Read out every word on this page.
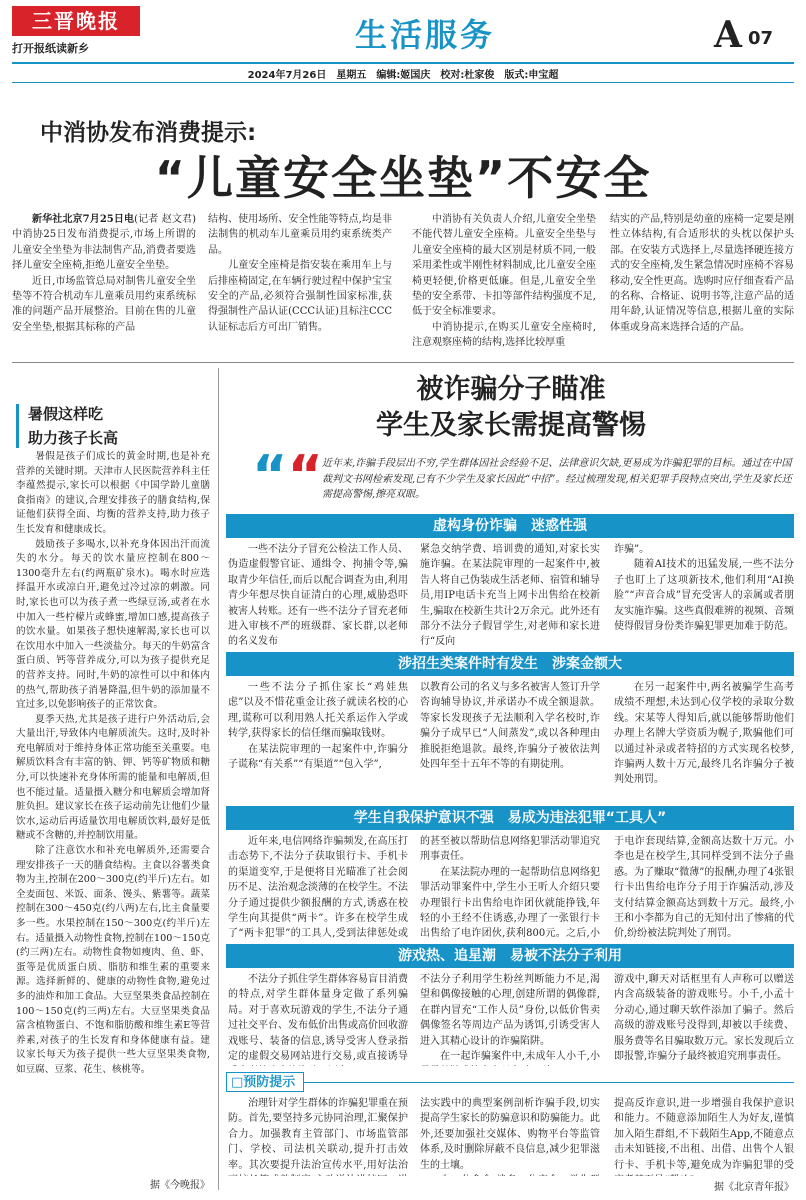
三晋晚报
打开报纸读新乡	生活服务	A 07
2024年7月26日　星期五　编辑:姬国庆　校对:杜家俊　版式:申宝超
中消协发布消费提示:
“儿童安全坐垫”不安全

新华社北京7月25日电(记者 赵文君)中消协25日发布消费提示,市场上所谓的儿童安全坐垫为非法制售产品,消费者要选择儿童安全座椅,拒绝儿童安全坐垫。

近日,市场监管总局对制售儿童安全坐垫等不符合机动车儿童乘员用约束系统标准的问题产品开展整治。目前在售的儿童安全坐垫,根据其标称的产品

结构、使用场所、安全性能等特点,均是非法制售的机动车儿童乘员用约束系统类产品。

儿童安全座椅是指安装在乘用车上与后排座椅固定,在车辆行驶过程中保护宝宝安全的产品,必须符合强制性国家标准,获得强制性产品认证(CCC认证)且标注CCC认证标志后方可出厂销售。

中消协有关负责人介绍,儿童安全坐垫不能代替儿童安全座椅。儿童安全坐垫与儿童安全座椅的最大区别是材质不同,一般采用柔性或半刚性材料制成,比儿童安全座椅更轻便,价格更低廉。但是,儿童安全坐垫的安全系带、卡扣等部件结构强度不足,低于安全标准要求。

中消协提示,在购买儿童安全座椅时,注意观察座椅的结构,选择比较厚重

结实的产品,特别是幼童的座椅一定要是刚性立体结构,有合适形状的头枕以保护头部。在安装方式选择上,尽量选择硬连接方式的安全座椅,发生紧急情况时座椅不容易移动,安全性更高。选购时应仔细查看产品的名称、合格证、说明书等,注意产品的适用年龄,认证情况等信息,根据儿童的实际体重或身高来选择合适的产品。

暑假这样吃
助力孩子长高

暑假是孩子们成长的黄金时期,也是补充营养的关键时期。天津市人民医院营养科主任李蕴然提示,家长可以根据《中国学龄儿童膳食指南》的建议,合理安排孩子的膳食结构,保证他们获得全面、均衡的营养支持,助力孩子生长发育和健康成长。

鼓励孩子多喝水,以补充身体因出汗而流失的水分。每天的饮水量应控制在800～1300毫升左右(约两瓶矿泉水)。喝水时应选择温开水或凉白开,避免过冷过凉的刺激。同时,家长也可以为孩子煮一些绿豆汤,或者在水中加入一些柠檬片或蜂蜜,增加口感,提高孩子的饮水量。如果孩子想快速解渴,家长也可以在饮用水中加入一些淡盐分。每天的牛奶富含蛋白质、钙等营养成分,可以为孩子提供充足的营养支持。同时,牛奶的凉性可以中和体内的热气,帮助孩子消暑降温,但牛奶的添加量不宜过多,以免影响孩子的正常饮食。

夏季天热,尤其是孩子进行户外活动后,会大量出汗,导致体内电解质流失。这时,及时补充电解质对于维持身体正常功能至关重要。电解质饮料含有丰富的钠、钾、钙等矿物质和糖分,可以快速补充身体所需的能量和电解质,但也不能过量。适量摄入糖分和电解质会增加肾脏负担。建议家长在孩子运动前先让他们少量饮水,运动后再适量饮用电解质饮料,最好是低糖或不含糖的,并控制饮用量。

除了注意饮水和补充电解质外,还需要合理安排孩子一天的膳食结构。主食以谷薯类食物为主,控制在200～300克(约半斤)左右。如全麦面包、米饭、面条、馒头、紫薯等。蔬菜控制在300～450克(约八两)左右,比主食量要多一些。水果控制在150～300克(约半斤)左右。适量摄入动物性食物,控制在100～150克(约三两)左右。动物性食物如瘦肉、鱼、虾、蛋等是优质蛋白质、脂肪和维生素的重要来源。选择新鲜的、健康的动物性食物,避免过多的油炸和加工食品。大豆坚果类食品控制在100～150克(约三两)左右。大豆坚果类食品富含植物蛋白、不饱和脂肪酸和维生素E等营养素,对孩子的生长发育和身体健康有益。建议家长每天为孩子提供一些大豆坚果类食物,如豆腐、豆浆、花生、核桃等。

据《今晚报》
被诈骗分子瞄准
学生及家长需提高警惕
““ 近年来,诈骗手段层出不穷,学生群体因社会经验不足、法律意识欠缺,更易成为诈骗犯罪的目标。通过在中国裁判文书网检索发现,已有不少学生及家长因此“中招”。经过梳理发现,相关犯罪手段特点突出,学生及家长还需提高警惕,擦亮双眼。
虚构身份诈骗　迷惑性强

一些不法分子冒充公检法工作人员、伪造虚假警官证、通缉令、拘捕令等,骗取青少年信任,而后以配合调查为由,利用青少年想尽快自证清白的心理,威胁恐吓被害人转账。还有一些不法分子冒充老师进入审核不严的班级群、家长群,以老师的名义发布

紧急交纳学费、培训费的通知,对家长实施诈骗。在某法院审理的一起案件中,被告人将自己伪装成生活老师、宿管和辅导员,用IP电话卡充当上网卡出售给在校新生,骗取在校新生共计2万余元。此外还有部分不法分子假冒学生,对老师和家长进行“反向

诈骗”。

随着AI技术的迅猛发展,一些不法分子也盯上了这项新技术,他们利用“AI换脸”“声音合成”冒充受害人的亲属或者朋友实施诈骗。这些真假难辨的视频、音频使得假冒身份类诈骗犯罪更加难于防范。

涉招生类案件时有发生　涉案金额大

一些不法分子抓住家长“鸡娃焦虑”以及不惜花重金让孩子就读名校的心理,谎称可以利用熟人托关系运作入学或转学,获得家长的信任继而骗取钱财。

在某法院审理的一起案件中,诈骗分子谎称“有关系”“有渠道”“包入学”,

以教育公司的名义与多名被害人签订升学咨询辅导协议,并承诺办不成全额退款。等家长发现孩子无法顺利入学名校时,诈骗分子成早已“人间蒸发”,或以各种理由推脱拒绝退款。最终,诈骗分子被依法判处四年至十五年不等的有期徒刑。

在另一起案件中,两名被骗学生高考成绩不理想,未达到心仪学校的录取分数线。宋某等人得知后,就以能够帮助他们办理上名牌大学资质为幌子,欺骗他们可以通过补录或者特招的方式实现名校梦,诈骗两人数十万元,最终几名诈骗分子被判处刑罚。

学生自我保护意识不强　易成为违法犯罪“工具人”

近年来,电信网络诈骗频发,在高压打击态势下,不法分子获取银行卡、手机卡的渠道变窄,于是便将目光瞄准了社会阅历不足、法治观念淡薄的在校学生。不法分子通过提供少额报酬的方式,诱惑在校学生向其提供“两卡”。许多在校学生成了“两卡犯罪”的工具人,受到法律惩处或

的甚至被以帮助信息网络犯罪活动罪追究刑事责任。

在某法院办理的一起帮助信息网络犯罪活动罪案件中,学生小王听人介绍只要办理银行卡出售给电诈团伙就能挣钱,年轻的小王经不住诱惑,办理了一张银行卡出售给了电诈团伙,获利800元。之后,小

于电诈套现结算,金额高达数十万元。小李也是在校学生,其同样受到不法分子蛊惑。为了赚取“微薄”的报酬,办理了4张银行卡出售给电诈分子用于诈骗活动,涉及支付结算金额高达到数十万元。最终,小王和小李都为自己的无知付出了惨痛的代价,纷纷被法院判处了刑罚。

游戏热、追星潮　易被不法分子利用

不法分子抓住学生群体容易盲目消费的特点,对学生群体量身定做了系列骗局。对于喜欢玩游戏的学生,不法分子通过社交平台、发布低价出售或高价回收游戏账号、装备的信息,诱导受害人登录指定的虚假交易网站进行交易,或直接诱导

不法分子利用学生粉丝判断能力不足,渴望和偶像接触的心理,创建所谓的偶像群,在群内冒充“工作人员”身份,以低价售卖偶像签名等周边产品为诱饵,引诱受害人进入其精心设计的诈骗陷阱。

在一起诈骗案件中,未成年人小千,小

游戏中,聊天对话框里有人声称可以赠送内含高级装备的游戏账号。小千,小孟十分动心,通过聊天软件添加了骗子。然后高级的游戏账号没得到,却被以手续费、服务费等名目骗取数万元。家长发现后立即报警,诈骗分子最终被追究刑事责任。

□预防提示

治理针对学生群体的诈骗犯罪重在预防。首先,要坚持多元协同治理,汇聚保护合力。加强教育主管部门、市场监管部门、学校、司法机关联动,提升打击效率。其次要提升法治宣传水平,用好法治

法实践中的典型案例剖析诈骗手段,切实提高学生家长的防骗意识和防骗能力。此外,还要加强社交媒体、购物平台等监管体系,及时删除屏蔽不良信息,减少犯罪滋生的土壤。

提高反诈意识,进一步增强自我保护意识和能力。不随意添加陌生人为好友,谨慎加入陌生群组,不下载陌生App,不随意点击未知链接,不出租、出借、出售个人银行卡、手机卡等,避免成为诈骗犯罪的受

据《北京青年报》
